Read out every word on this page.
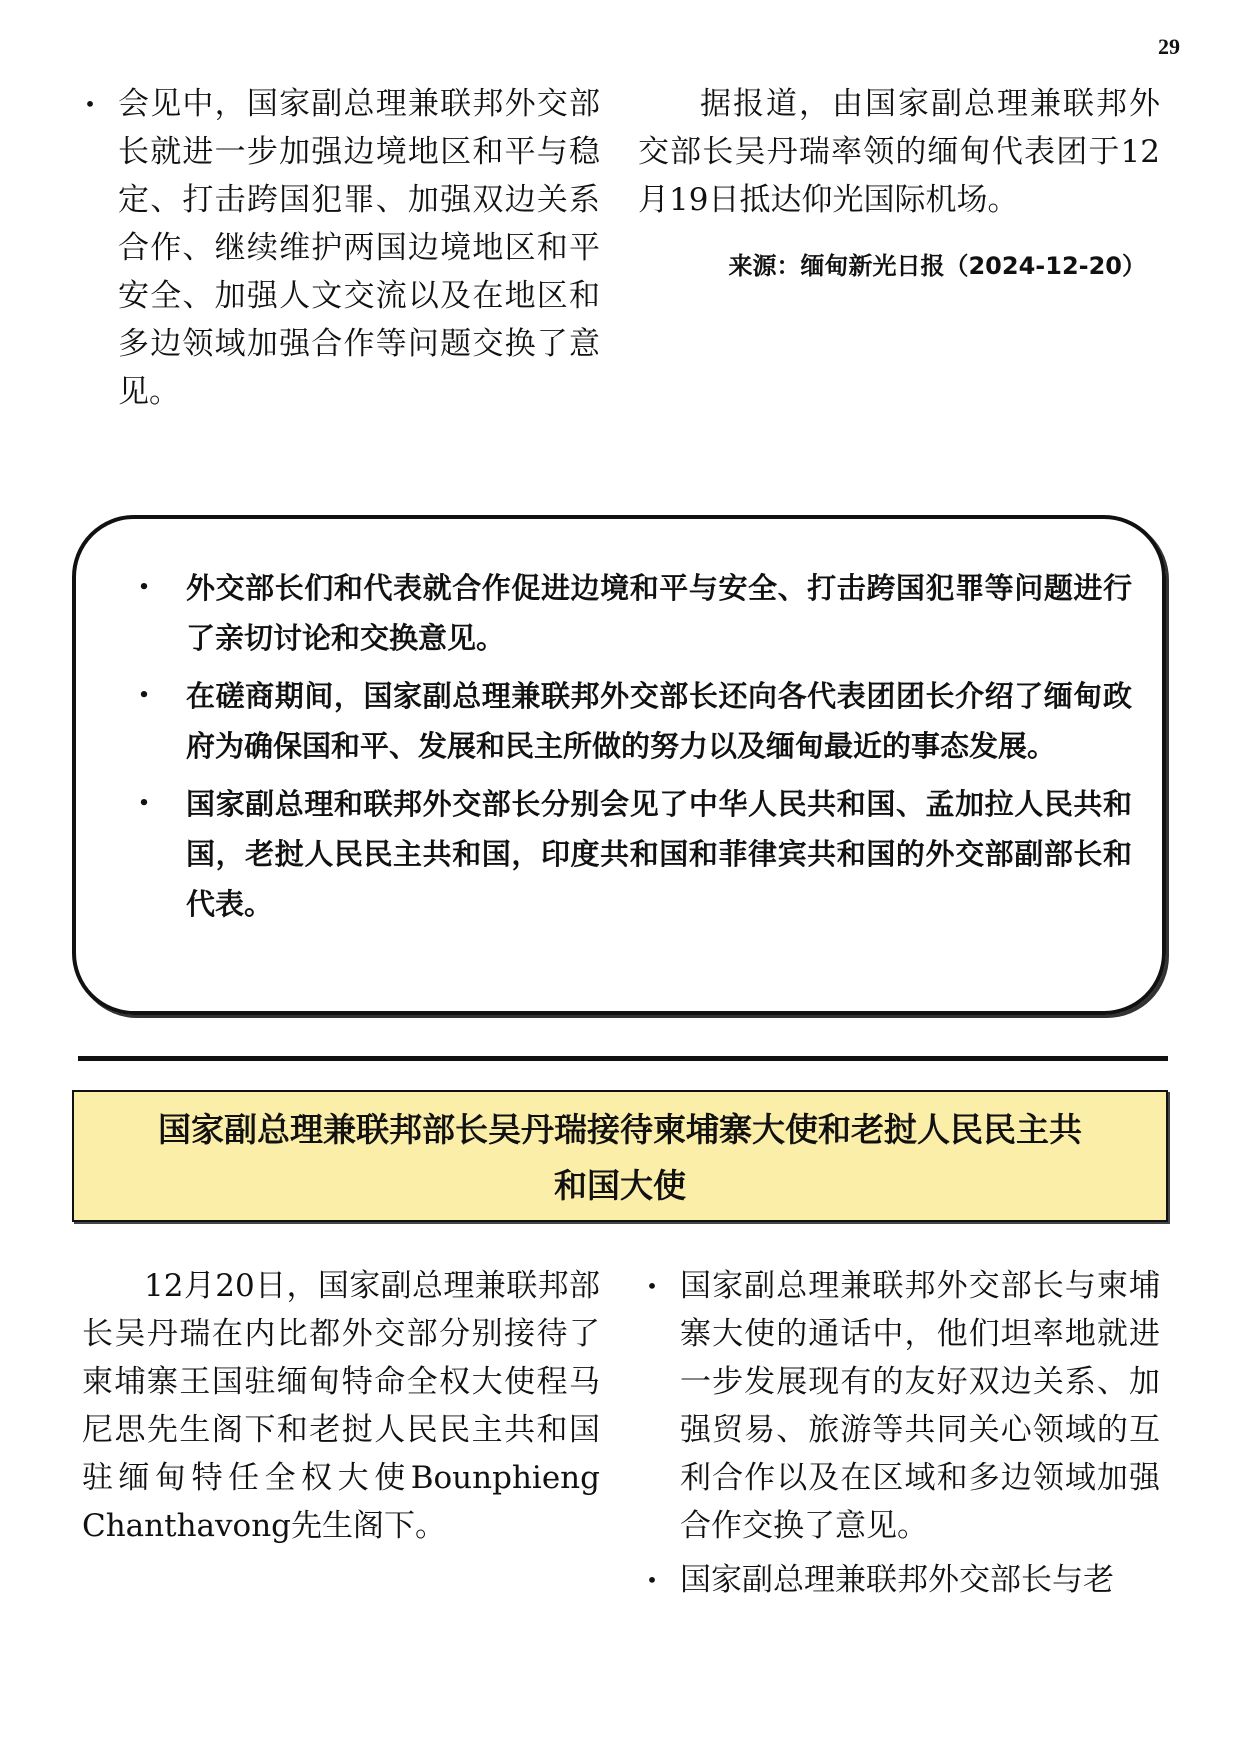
29
• 会见中，国家副总理兼联邦外交部长就进一步加强边境地区和平与稳定、打击跨国犯罪、加强双边关系合作、继续维护两国边境地区和平安全、加强人文交流以及在地区和多边领域加强合作等问题交换了意见。

据报道，由国家副总理兼联邦外交部长吴丹瑞率领的缅甸代表团于12月19日抵达仰光国际机场。

来源：缅甸新光日报（2024-12-20）
• 外交部长们和代表就合作促进边境和平与安全、打击跨国犯罪等问题进行了亲切讨论和交换意见。
• 在磋商期间，国家副总理兼联邦外交部长还向各代表团团长介绍了缅甸政府为确保国和平、发展和民主所做的努力以及缅甸最近的事态发展。
• 国家副总理和联邦外交部长分别会见了中华人民共和国、孟加拉人民共和国，老挝人民民主共和国，印度共和国和菲律宾共和国的外交部副部长和代表。
国家副总理兼联邦部长吴丹瑞接待柬埔寨大使和老挝人民民主共
和国大使

12月20日，国家副总理兼联邦部长吴丹瑞在内比都外交部分别接待了柬埔寨王国驻缅甸特命全权大使程马尼思先生阁下和老挝人民民主共和国驻缅甸特任全权大使Bounphieng Chanthavong先生阁下。

• 国家副总理兼联邦外交部长与柬埔寨大使的通话中，他们坦率地就进一步发展现有的友好双边关系、加强贸易、旅游等共同关心领域的互利合作以及在区域和多边领域加强合作交换了意见。
• 国家副总理兼联邦外交部长与老
